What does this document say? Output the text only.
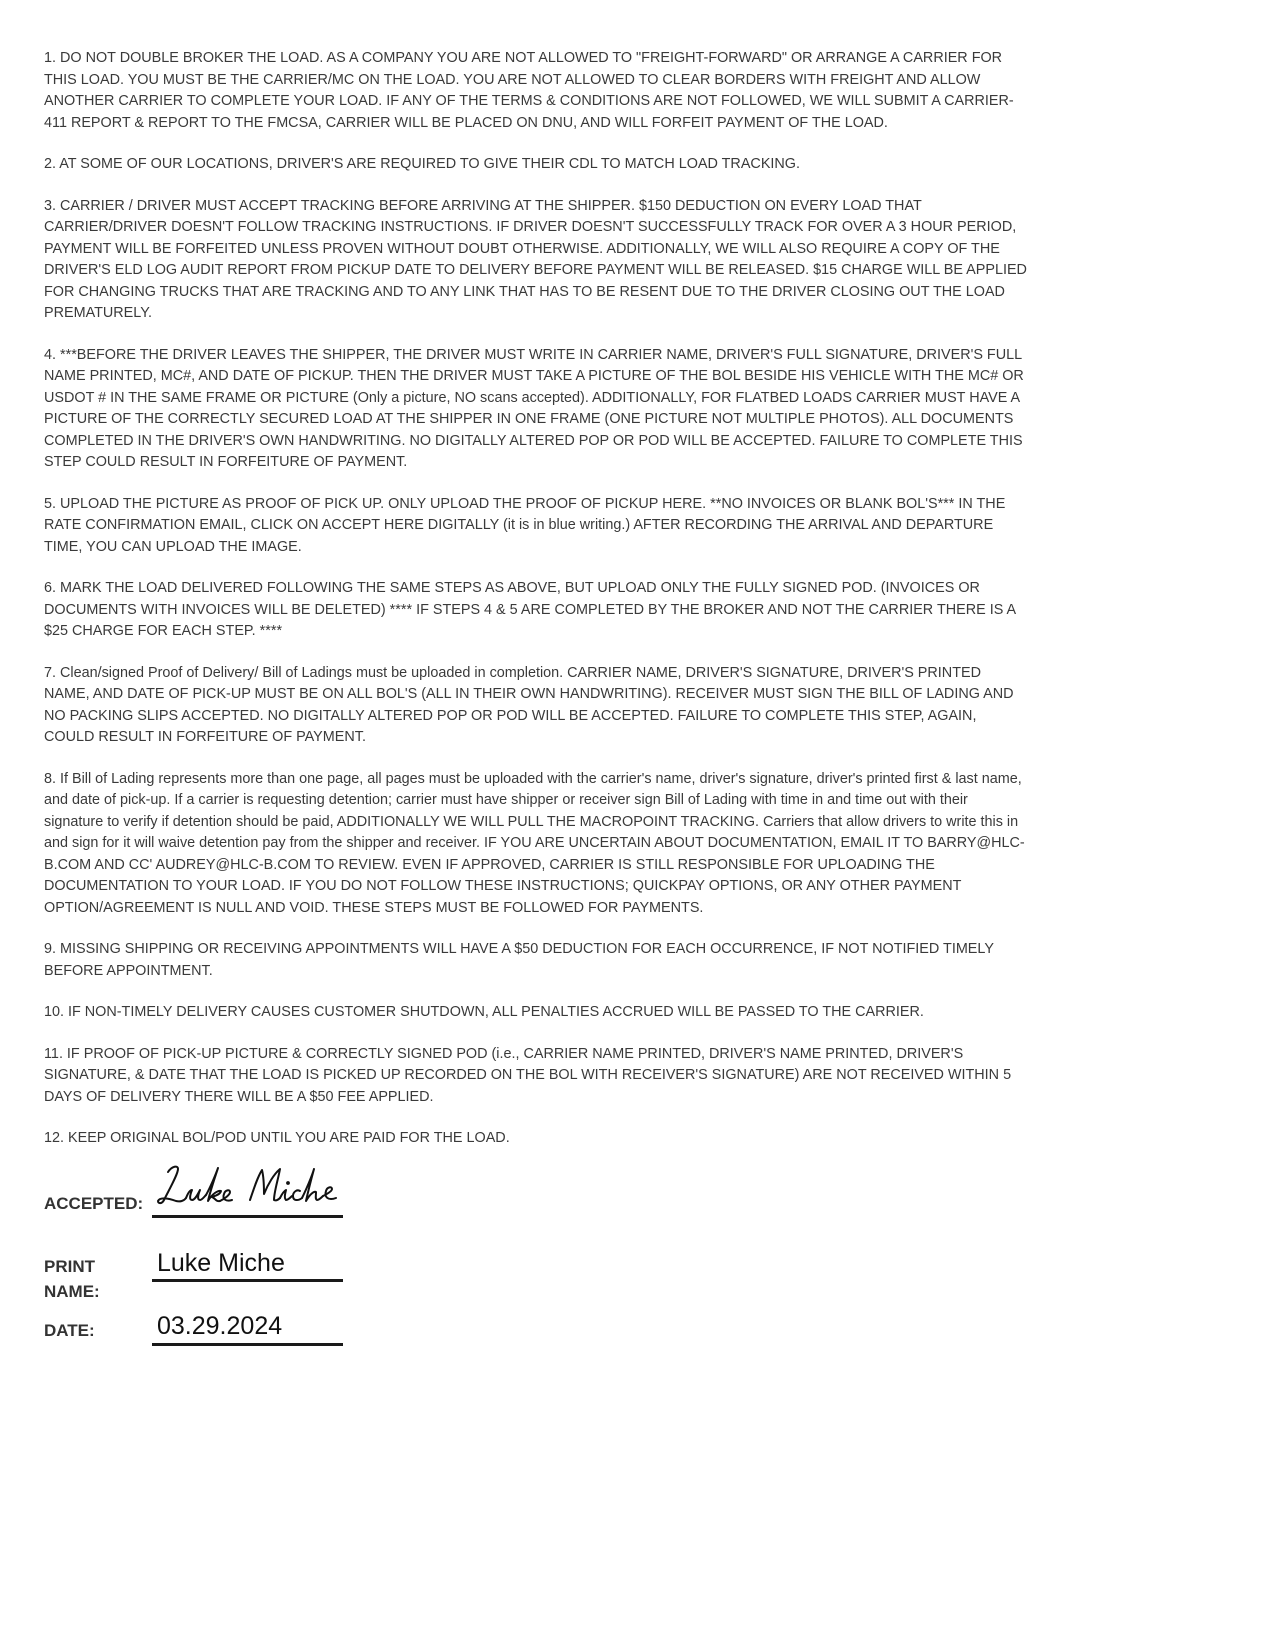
1. DO NOT DOUBLE BROKER THE LOAD. AS A COMPANY YOU ARE NOT ALLOWED TO "FREIGHT-FORWARD" OR ARRANGE A CARRIER FOR THIS LOAD. YOU MUST BE THE CARRIER/MC ON THE LOAD. YOU ARE NOT ALLOWED TO CLEAR BORDERS WITH FREIGHT AND ALLOW ANOTHER CARRIER TO COMPLETE YOUR LOAD. IF ANY OF THE TERMS & CONDITIONS ARE NOT FOLLOWED, WE WILL SUBMIT A CARRIER-411 REPORT & REPORT TO THE FMCSA, CARRIER WILL BE PLACED ON DNU, AND WILL FORFEIT PAYMENT OF THE LOAD.

2. AT SOME OF OUR LOCATIONS, DRIVER'S ARE REQUIRED TO GIVE THEIR CDL TO MATCH LOAD TRACKING.

3. CARRIER / DRIVER MUST ACCEPT TRACKING BEFORE ARRIVING AT THE SHIPPER. $150 DEDUCTION ON EVERY LOAD THAT CARRIER/DRIVER DOESN'T FOLLOW TRACKING INSTRUCTIONS. IF DRIVER DOESN'T SUCCESSFULLY TRACK FOR OVER A 3 HOUR PERIOD, PAYMENT WILL BE FORFEITED UNLESS PROVEN WITHOUT DOUBT OTHERWISE. ADDITIONALLY, WE WILL ALSO REQUIRE A COPY OF THE DRIVER'S ELD LOG AUDIT REPORT FROM PICKUP DATE TO DELIVERY BEFORE PAYMENT WILL BE RELEASED. $15 CHARGE WILL BE APPLIED FOR CHANGING TRUCKS THAT ARE TRACKING AND TO ANY LINK THAT HAS TO BE RESENT DUE TO THE DRIVER CLOSING OUT THE LOAD PREMATURELY.

4. ***BEFORE THE DRIVER LEAVES THE SHIPPER, THE DRIVER MUST WRITE IN CARRIER NAME, DRIVER'S FULL SIGNATURE, DRIVER'S FULL NAME PRINTED, MC#, AND DATE OF PICKUP. THEN THE DRIVER MUST TAKE A PICTURE OF THE BOL BESIDE HIS VEHICLE WITH THE MC# OR USDOT # IN THE SAME FRAME OR PICTURE (Only a picture, NO scans accepted). ADDITIONALLY, FOR FLATBED LOADS CARRIER MUST HAVE A PICTURE OF THE CORRECTLY SECURED LOAD AT THE SHIPPER IN ONE FRAME (ONE PICTURE NOT MULTIPLE PHOTOS). ALL DOCUMENTS COMPLETED IN THE DRIVER'S OWN HANDWRITING. NO DIGITALLY ALTERED POP OR POD WILL BE ACCEPTED. FAILURE TO COMPLETE THIS STEP COULD RESULT IN FORFEITURE OF PAYMENT.

5. UPLOAD THE PICTURE AS PROOF OF PICK UP. ONLY UPLOAD THE PROOF OF PICKUP HERE. **NO INVOICES OR BLANK BOL'S*** IN THE RATE CONFIRMATION EMAIL, CLICK ON ACCEPT HERE DIGITALLY (it is in blue writing.) AFTER RECORDING THE ARRIVAL AND DEPARTURE TIME, YOU CAN UPLOAD THE IMAGE.

6. MARK THE LOAD DELIVERED FOLLOWING THE SAME STEPS AS ABOVE, BUT UPLOAD ONLY THE FULLY SIGNED POD. (INVOICES OR DOCUMENTS WITH INVOICES WILL BE DELETED) **** IF STEPS 4 & 5 ARE COMPLETED BY THE BROKER AND NOT THE CARRIER THERE IS A $25 CHARGE FOR EACH STEP. ****

7. Clean/signed Proof of Delivery/ Bill of Ladings must be uploaded in completion. CARRIER NAME, DRIVER'S SIGNATURE, DRIVER'S PRINTED NAME, AND DATE OF PICK-UP MUST BE ON ALL BOL'S (ALL IN THEIR OWN HANDWRITING). RECEIVER MUST SIGN THE BILL OF LADING AND NO PACKING SLIPS ACCEPTED. NO DIGITALLY ALTERED POP OR POD WILL BE ACCEPTED. FAILURE TO COMPLETE THIS STEP, AGAIN, COULD RESULT IN FORFEITURE OF PAYMENT.

8. If Bill of Lading represents more than one page, all pages must be uploaded with the carrier's name, driver's signature, driver's printed first & last name, and date of pick-up. If a carrier is requesting detention; carrier must have shipper or receiver sign Bill of Lading with time in and time out with their signature to verify if detention should be paid, ADDITIONALLY WE WILL PULL THE MACROPOINT TRACKING. Carriers that allow drivers to write this in and sign for it will waive detention pay from the shipper and receiver. IF YOU ARE UNCERTAIN ABOUT DOCUMENTATION, EMAIL IT TO BARRY@HLC-B.COM AND CC' AUDREY@HLC-B.COM TO REVIEW. EVEN IF APPROVED, CARRIER IS STILL RESPONSIBLE FOR UPLOADING THE DOCUMENTATION TO YOUR LOAD. IF YOU DO NOT FOLLOW THESE INSTRUCTIONS; QUICKPAY OPTIONS, OR ANY OTHER PAYMENT OPTION/AGREEMENT IS NULL AND VOID. THESE STEPS MUST BE FOLLOWED FOR PAYMENTS.

9. MISSING SHIPPING OR RECEIVING APPOINTMENTS WILL HAVE A $50 DEDUCTION FOR EACH OCCURRENCE, IF NOT NOTIFIED TIMELY BEFORE APPOINTMENT.

10. IF NON-TIMELY DELIVERY CAUSES CUSTOMER SHUTDOWN, ALL PENALTIES ACCRUED WILL BE PASSED TO THE CARRIER.

11. IF PROOF OF PICK-UP PICTURE & CORRECTLY SIGNED POD (i.e., CARRIER NAME PRINTED, DRIVER'S NAME PRINTED, DRIVER'S SIGNATURE, & DATE THAT THE LOAD IS PICKED UP RECORDED ON THE BOL WITH RECEIVER'S SIGNATURE) ARE NOT RECEIVED WITHIN 5 DAYS OF DELIVERY THERE WILL BE A $50 FEE APPLIED.

12. KEEP ORIGINAL BOL/POD UNTIL YOU ARE PAID FOR THE LOAD.

ACCEPTED:
PRINT NAME:
Luke Miche
DATE: 03.29.2024
